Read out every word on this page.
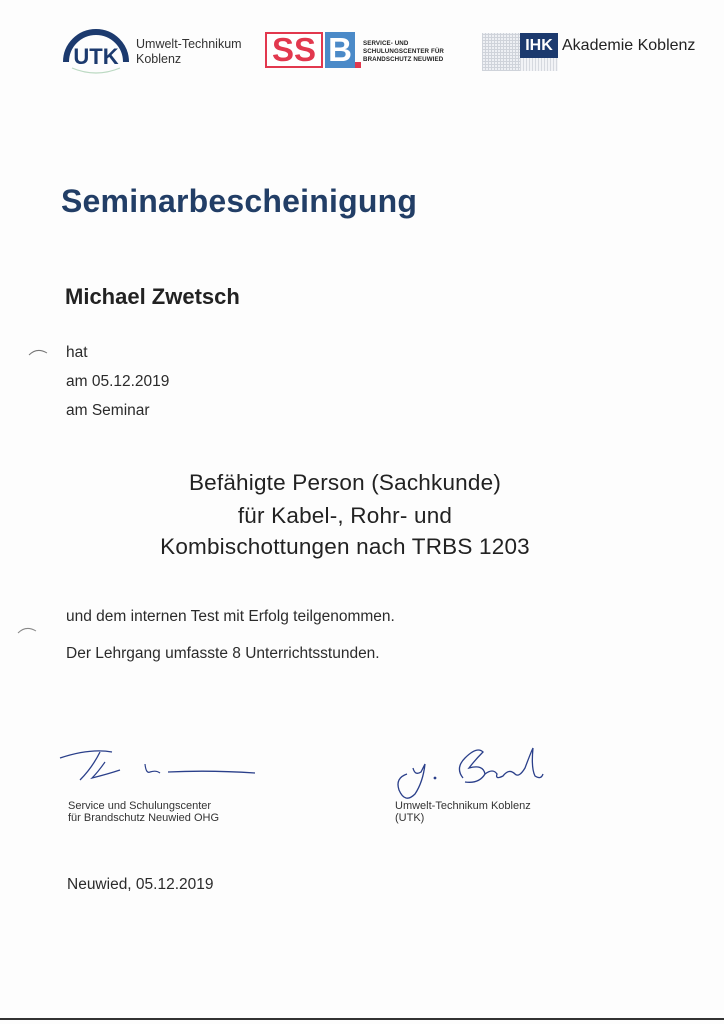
UTK Umwelt-Technikum
Koblenz	SS B	SERVICE- UND
SCHULUNGSCENTER FÜR
BRANDSCHUTZ NEUWIED
IHK Akademie Koblenz
Seminarbescheinigung
Michael Zwetsch
hat
am 05.12.2019
am Seminar
Befähigte Person (Sachkunde)
für Kabel-, Rohr- und
Kombischottungen nach TRBS 1203
und dem internen Test mit Erfolg teilgenommen.
Der Lehrgang umfasste 8 Unterrichtsstunden.
Service und Schulungscenter
für Brandschutz Neuwied OHG
Umwelt-Technikum Koblenz
(UTK)
Neuwied, 05.12.2019
